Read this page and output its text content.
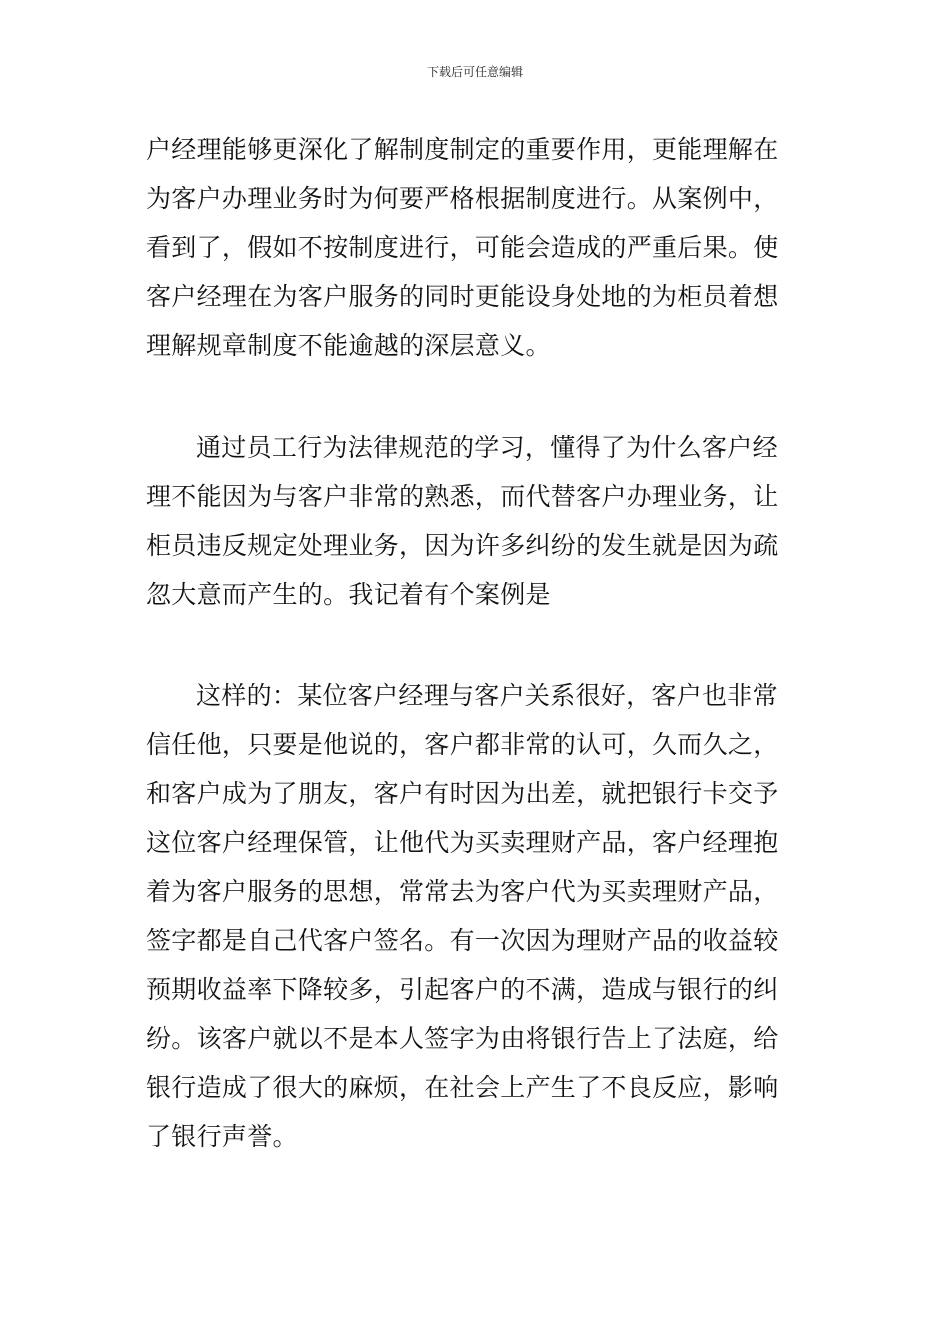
下载后可任意编辑
户经理能够更深化了解制度制定的重要作用，更能理解在
为客户办理业务时为何要严格根据制度进行。从案例中，
看到了，假如不按制度进行，可能会造成的严重后果。使
客户经理在为客户服务的同时更能设身处地的为柜员着想
理解规章制度不能逾越的深层意义。
通过员工行为法律规范的学习，懂得了为什么客户经
理不能因为与客户非常的熟悉，而代替客户办理业务，让
柜员违反规定处理业务，因为许多纠纷的发生就是因为疏
忽大意而产生的。我记着有个案例是
这样的：某位客户经理与客户关系很好，客户也非常
信任他，只要是他说的，客户都非常的认可，久而久之，
和客户成为了朋友，客户有时因为出差，就把银行卡交予
这位客户经理保管，让他代为买卖理财产品，客户经理抱
着为客户服务的思想，常常去为客户代为买卖理财产品，
签字都是自己代客户签名。有一次因为理财产品的收益较
预期收益率下降较多，引起客户的不满，造成与银行的纠
纷。该客户就以不是本人签字为由将银行告上了法庭，给
银行造成了很大的麻烦，在社会上产生了不良反应，影响
了银行声誉。
